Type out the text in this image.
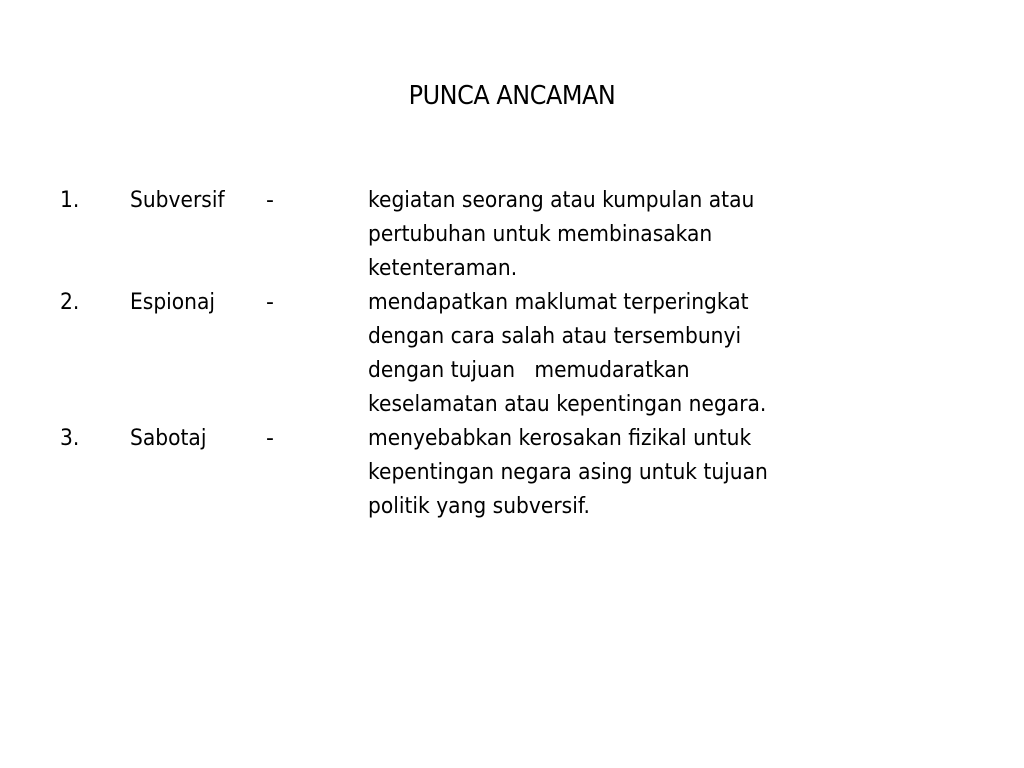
PUNCA ANCAMAN
1.	Subversif	-	kegiatan seorang atau kumpulan atau
pertubuhan untuk membinasakan
ketenteraman.
2.	Espionaj	-	mendapatkan maklumat terperingkat
dengan cara salah atau tersembunyi
dengan tujuan   memudaratkan
keselamatan atau kepentingan negara.
3.	Sabotaj	-	menyebabkan kerosakan fizikal untuk
kepentingan negara asing untuk tujuan
politik yang subversif.
